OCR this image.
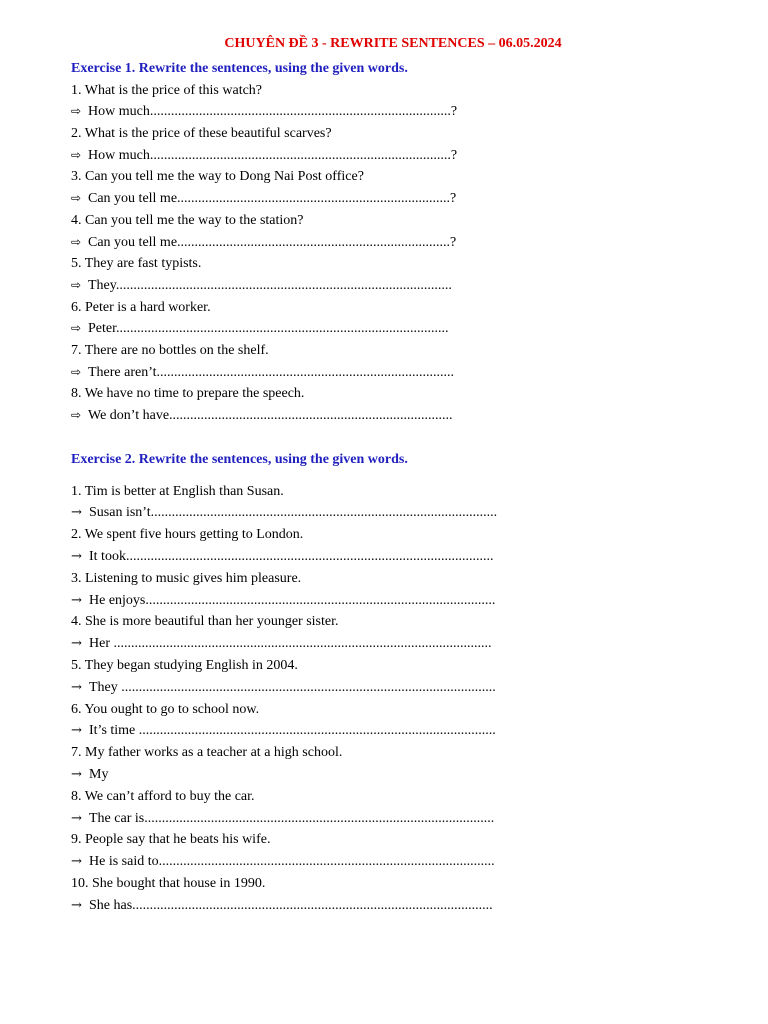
CHUYÊN ĐỀ 3 - REWRITE SENTENCES – 06.05.2024
Exercise 1. Rewrite the sentences, using the given words.
1. What is the price of this watch?
⇨ How much......................................................................................?
2. What is the price of these beautiful scarves?
⇨ How much......................................................................................?
3. Can you tell me the way to Dong Nai Post office?
⇨ Can you tell me..............................................................................?
4. Can you tell me the way to the station?
⇨ Can you tell me..............................................................................?
5. They are fast typists.
⇨ They................................................................................................
6. Peter is a hard worker.
⇨ Peter...............................................................................................
7. There are no bottles on the shelf.
⇨ There aren’t.....................................................................................
8. We have no time to prepare the speech.
⇨ We don’t have.................................................................................
Exercise 2. Rewrite the sentences, using the given words.
1. Tim is better at English than Susan.
→ Susan isn’t...................................................................................................
2. We spent five hours getting to London.
→ It took.........................................................................................................
3. Listening to music gives him pleasure.
→ He enjoys....................................................................................................
4. She is more beautiful than her younger sister.
→ Her ............................................................................................................
5. They began studying English in 2004.
→ They ...........................................................................................................
6. You ought to go to school now.
→ It’s time ......................................................................................................
7. My father works as a teacher at a high school.
→ My
8. We can’t afford to buy the car.
→ The car is....................................................................................................
9. People say that he beats his wife.
→ He is said to................................................................................................
10. She bought that house in 1990.
→ She has.......................................................................................................
